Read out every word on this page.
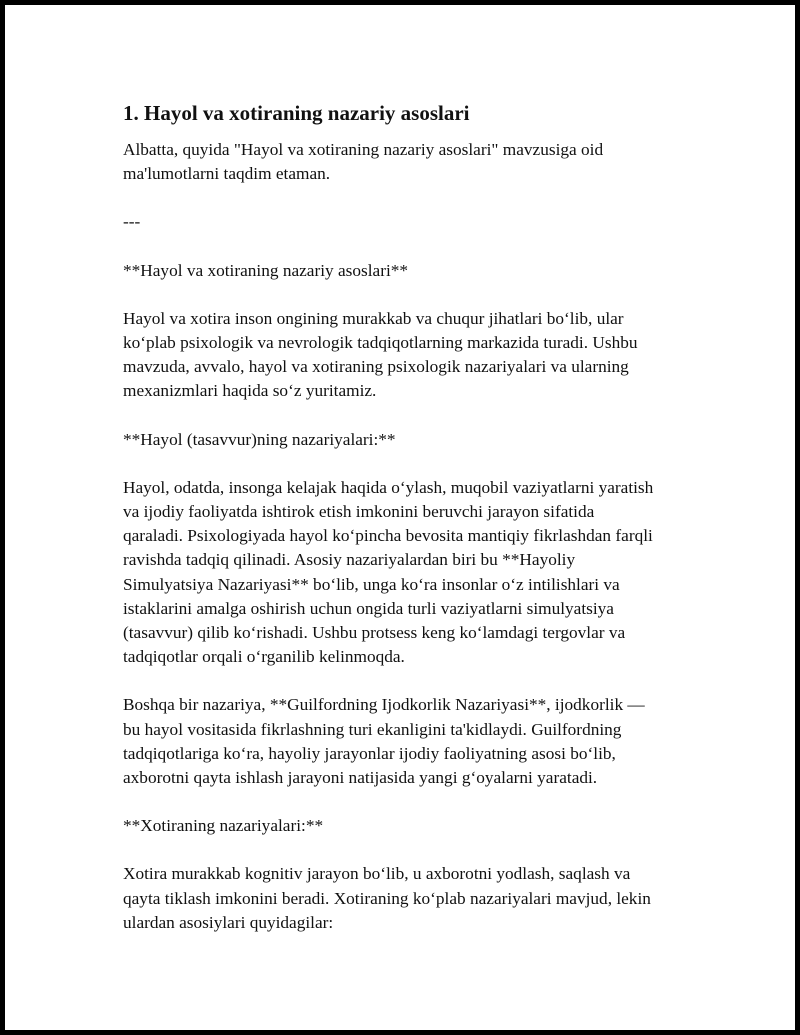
1. Hayol va xotiraning nazariy asoslari

Albatta, quyida "Hayol va xotiraning nazariy asoslari" mavzusiga oid
ma'lumotlarni taqdim etaman.

---

**Hayol va xotiraning nazariy asoslari**

Hayol va xotira inson ongining murakkab va chuqur jihatlari bo‘lib, ular
ko‘plab psixologik va nevrologik tadqiqotlarning markazida turadi. Ushbu
mavzuda, avvalo, hayol va xotiraning psixologik nazariyalari va ularning
mexanizmlari haqida so‘z yuritamiz.

**Hayol (tasavvur)ning nazariyalari:**

Hayol, odatda, insonga kelajak haqida o‘ylash, muqobil vaziyatlarni yaratish
va ijodiy faoliyatda ishtirok etish imkonini beruvchi jarayon sifatida
qaraladi. Psixologiyada hayol ko‘pincha bevosita mantiqiy fikrlashdan farqli
ravishda tadqiq qilinadi. Asosiy nazariyalardan biri bu **Hayoliy
Simulyatsiya Nazariyasi** bo‘lib, unga ko‘ra insonlar o‘z intilishlari va
istaklarini amalga oshirish uchun ongida turli vaziyatlarni simulyatsiya
(tasavvur) qilib ko‘rishadi. Ushbu protsess keng ko‘lamdagi tergovlar va
tadqiqotlar orqali o‘rganilib kelinmoqda.

Boshqa bir nazariya, **Guilfordning Ijodkorlik Nazariyasi**, ijodkorlik —
bu hayol vositasida fikrlashning turi ekanligini ta'kidlaydi. Guilfordning
tadqiqotlariga ko‘ra, hayoliy jarayonlar ijodiy faoliyatning asosi bo‘lib,
axborotni qayta ishlash jarayoni natijasida yangi g‘oyalarni yaratadi.

**Xotiraning nazariyalari:**

Xotira murakkab kognitiv jarayon bo‘lib, u axborotni yodlash, saqlash va
qayta tiklash imkonini beradi. Xotiraning ko‘plab nazariyalari mavjud, lekin
ulardan asosiylari quyidagilar:
